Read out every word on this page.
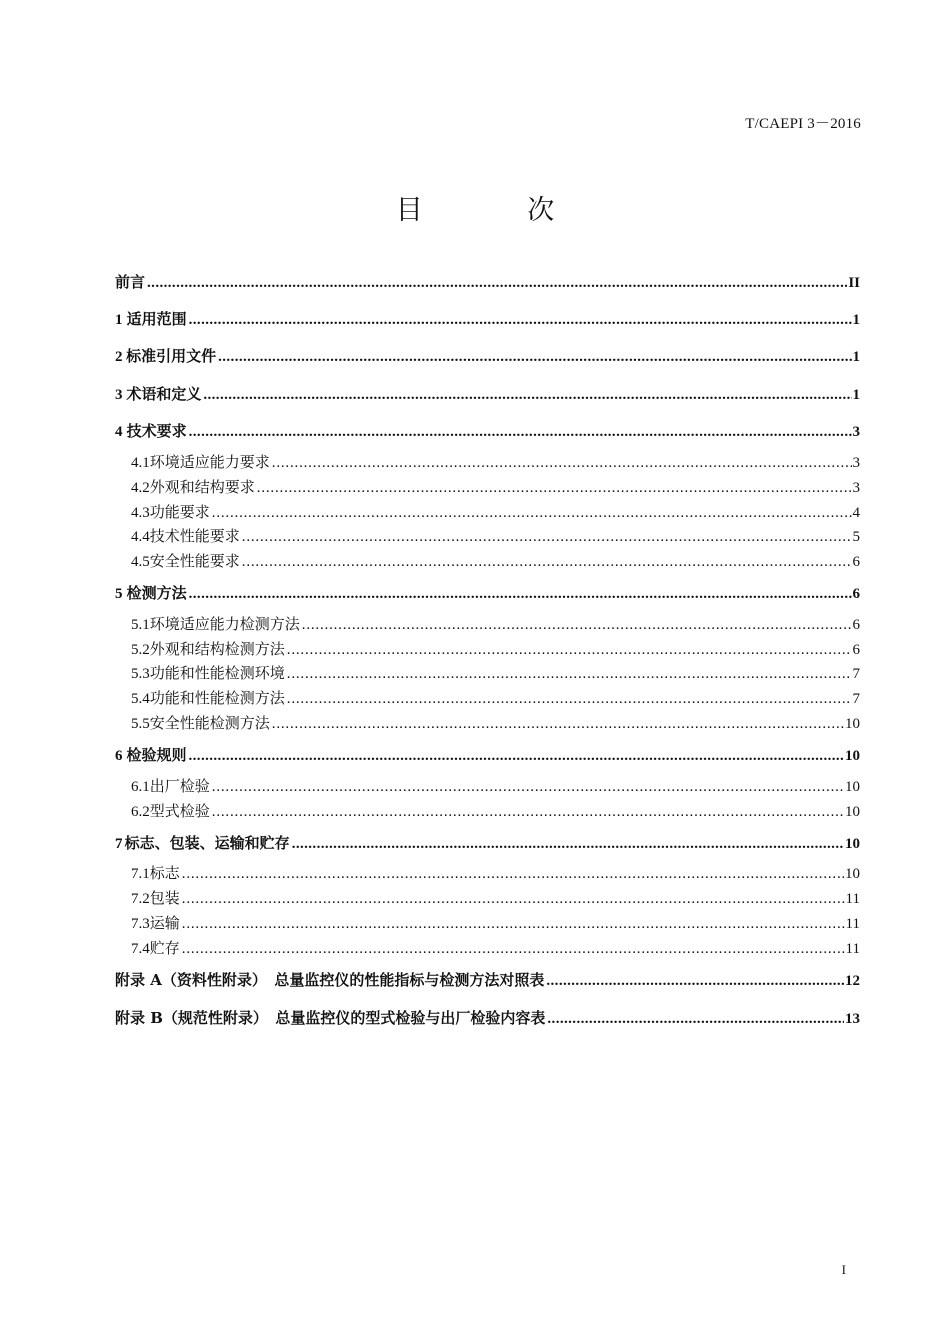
T/CAEPI 3－2016
目 次
前言 .....	II
1 适用范围 .....	1
2 标准引用文件 .....	1
3 术语和定义 .....	1
4 技术要求 .....	3
4.1 环境适应能力要求 .....	3
4.2 外观和结构要求 .....	3
4.3 功能要求 .....	4
4.4 技术性能要求 .....	5
4.5 安全性能要求 .....	6
5 检测方法 .....	6
5.1 环境适应能力检测方法 .....	6
5.2 外观和结构检测方法 .....	6
5.3 功能和性能检测环境 .....	7
5.4 功能和性能检测方法 .....	7
5.5 安全性能检测方法 .....	10
6 检验规则 .....	10
6.1 出厂检验 .....	10
6.2 型式检验 .....	10
7 标志、包装、运输和贮存 .....	10
7.1 标志 .....	10
7.2 包装 .....	11
7.3 运输 .....	11
7.4 贮存 .....	11
附录 A（资料性附录）　总量监控仪的性能指标与检测方法对照表 .....	12
附录 B（规范性附录）　总量监控仪的型式检验与出厂检验内容表 .....	13
I
